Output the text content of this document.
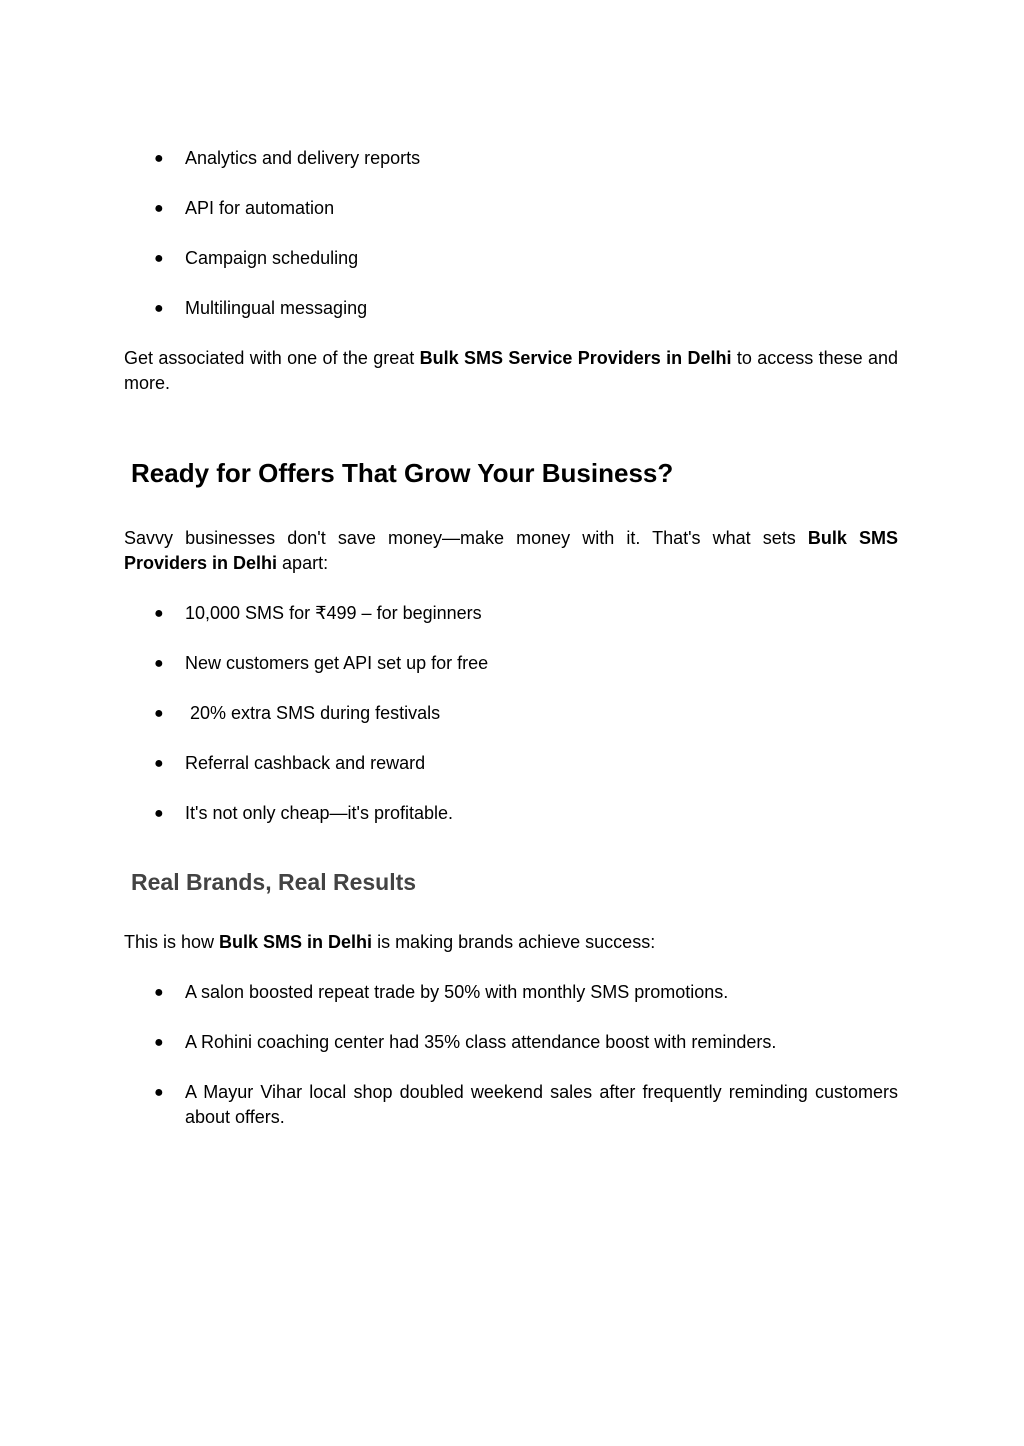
● Analytics and delivery reports
● API for automation
● Campaign scheduling
● Multilingual messaging

Get associated with one of the great Bulk SMS Service Providers in Delhi to access these and more.

Ready for Offers That Grow Your Business?

Savvy businesses don't save money—make money with it. That's what sets Bulk SMS Providers in Delhi apart:

● 10,000 SMS for ₹499 – for beginners
● New customers get API set up for free
● 20% extra SMS during festivals
● Referral cashback and reward
● It's not only cheap—it's profitable.
Real Brands, Real Results

This is how Bulk SMS in Delhi is making brands achieve success:

● A salon boosted repeat trade by 50% with monthly SMS promotions.
● A Rohini coaching center had 35% class attendance boost with reminders.
● A Mayur Vihar local shop doubled weekend sales after frequently reminding customers about offers.
